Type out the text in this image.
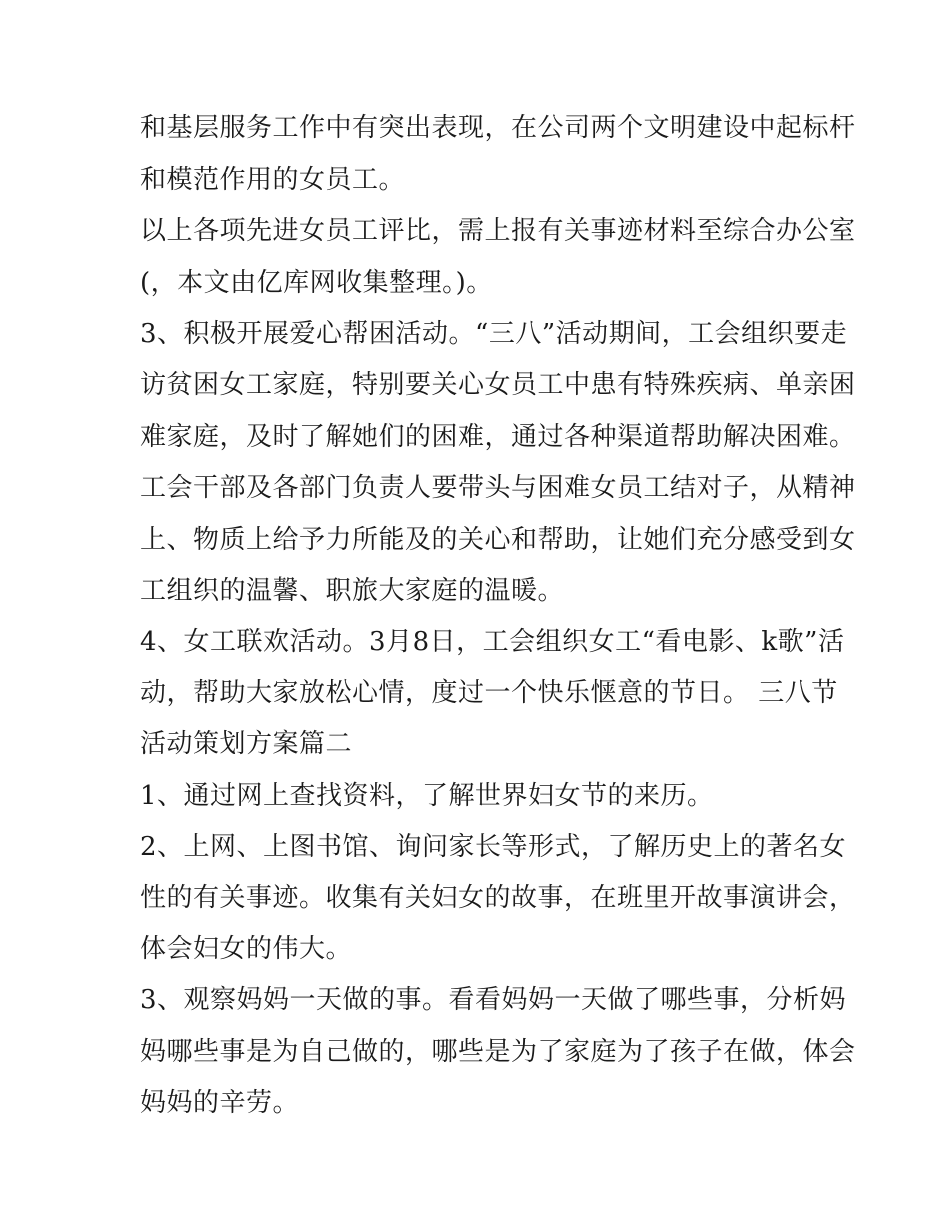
和基层服务工作中有突出表现，在公司两个文明建设中起标杆
和模范作用的女员工。
以上各项先进女员工评比，需上报有关事迹材料至综合办公室
(，本文由亿库网收集整理。)。
3、积极开展爱心帮困活动。“三八”活动期间，工会组织要走
访贫困女工家庭，特别要关心女员工中患有特殊疾病、单亲困
难家庭，及时了解她们的困难，通过各种渠道帮助解决困难。
工会干部及各部门负责人要带头与困难女员工结对子，从精神
上、物质上给予力所能及的关心和帮助，让她们充分感受到女
工组织的温馨、职旅大家庭的温暖。
4、女工联欢活动。3月8日，工会组织女工“看电影、k歌”活
动，帮助大家放松心情，度过一个快乐惬意的节日。 三八节
活动策划方案篇二
1、通过网上查找资料，了解世界妇女节的来历。
2、上网、上图书馆、询问家长等形式，了解历史上的著名女
性的有关事迹。收集有关妇女的故事，在班里开故事演讲会，
体会妇女的伟大。
3、观察妈妈一天做的事。看看妈妈一天做了哪些事，分析妈
妈哪些事是为自己做的，哪些是为了家庭为了孩子在做，体会
妈妈的辛劳。
